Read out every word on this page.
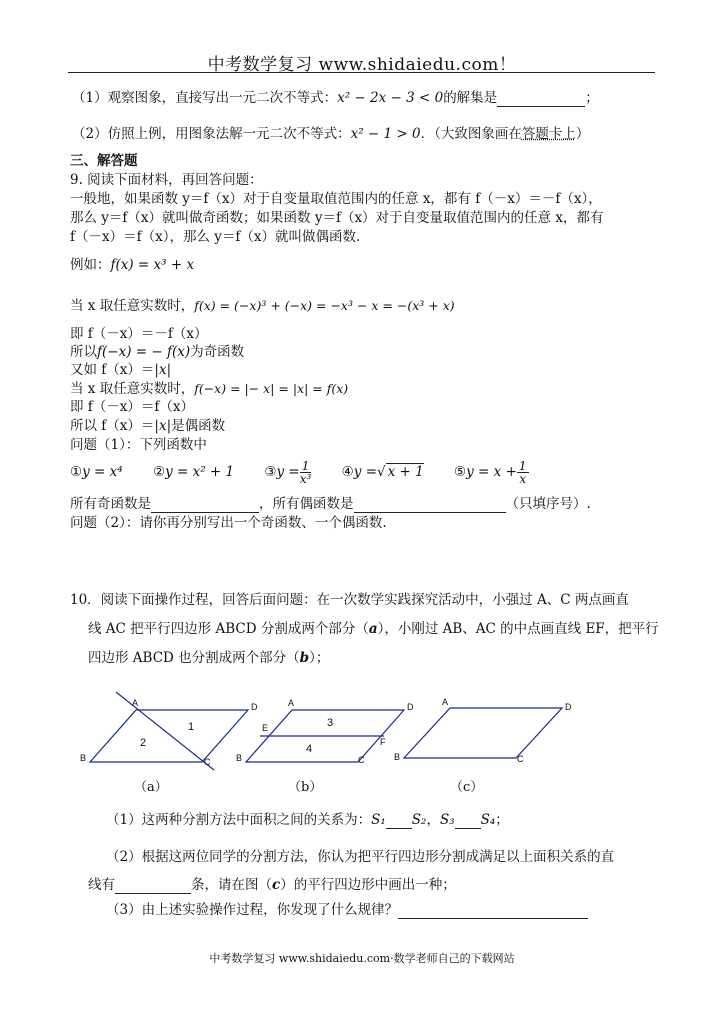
中考数学复习 www.shidaiedu.com！
（1）观察图象，直接写出一元二次不等式：x² − 2x − 3 < 0的解集是	；
（2）仿照上例，用图象法解一元二次不等式：x² − 1 > 0．（大致图象画在答题卡上）
三、解答题
9. 阅读下面材料，再回答问题：
一般地，如果函数 y＝f（x）对于自变量取值范围内的任意 x，都有 f（－x）＝－f（x），
那么 y＝f（x）就叫做奇函数；如果函数 y＝f（x）对于自变量取值范围内的任意 x，都有
f（－x）＝f（x），那么 y＝f（x）就叫做偶函数.
例如：f(x) = x³ + x
当 x 取任意实数时，f(x) = (−x)³ + (−x) = −x³ − x = −(x³ + x)
即 f（－x）＝－f（x）
所以f(−x) = − f(x)为奇函数
又如 f（x）＝|x|
当 x 取任意实数时，f(−x) = |− x| = |x| = f(x)
即 f（－x）＝f（x）
所以 f（x）＝|x|是偶函数
问题（1）：下列函数中
①y = x⁴ ②y = x² + 1 ③y = $\frac{1}{\text{x³}}$ ④y =√ x + 1 ⑤y = $x + \frac{1}{x}$
所有奇函数是	，所有偶函数是	（只填序号）.
问题（2）：请你再分别写出一个奇函数、一个偶函数.
10．阅读下面操作过程，回答后面问题：在一次数学实践探究活动中，小强过 A、C 两点画直
线 AC 把平行四边形 ABCD 分割成两个部分（a），小刚过 AB、AC 的中点画直线 EF，把平行
四边形 ABCD 也分割成两个部分（b）；
A	D
B	C
1
2
A	D
B	C
E
F
3
4
A	D
B	C
（a）	（b）	（c）
（1）这两种分割方法中面积之间的关系为：S₁ S₂，S₃ S₄；
（2）根据这两位同学的分割方法，你认为把平行四边形分割成满足以上面积关系的直
线有	条，请在图（c）的平行四边形中画出一种；
（3）由上述实验操作过程，你发现了什么规律？
中考数学复习 www.shidaiedu.com·数学老师自己的下载网站
